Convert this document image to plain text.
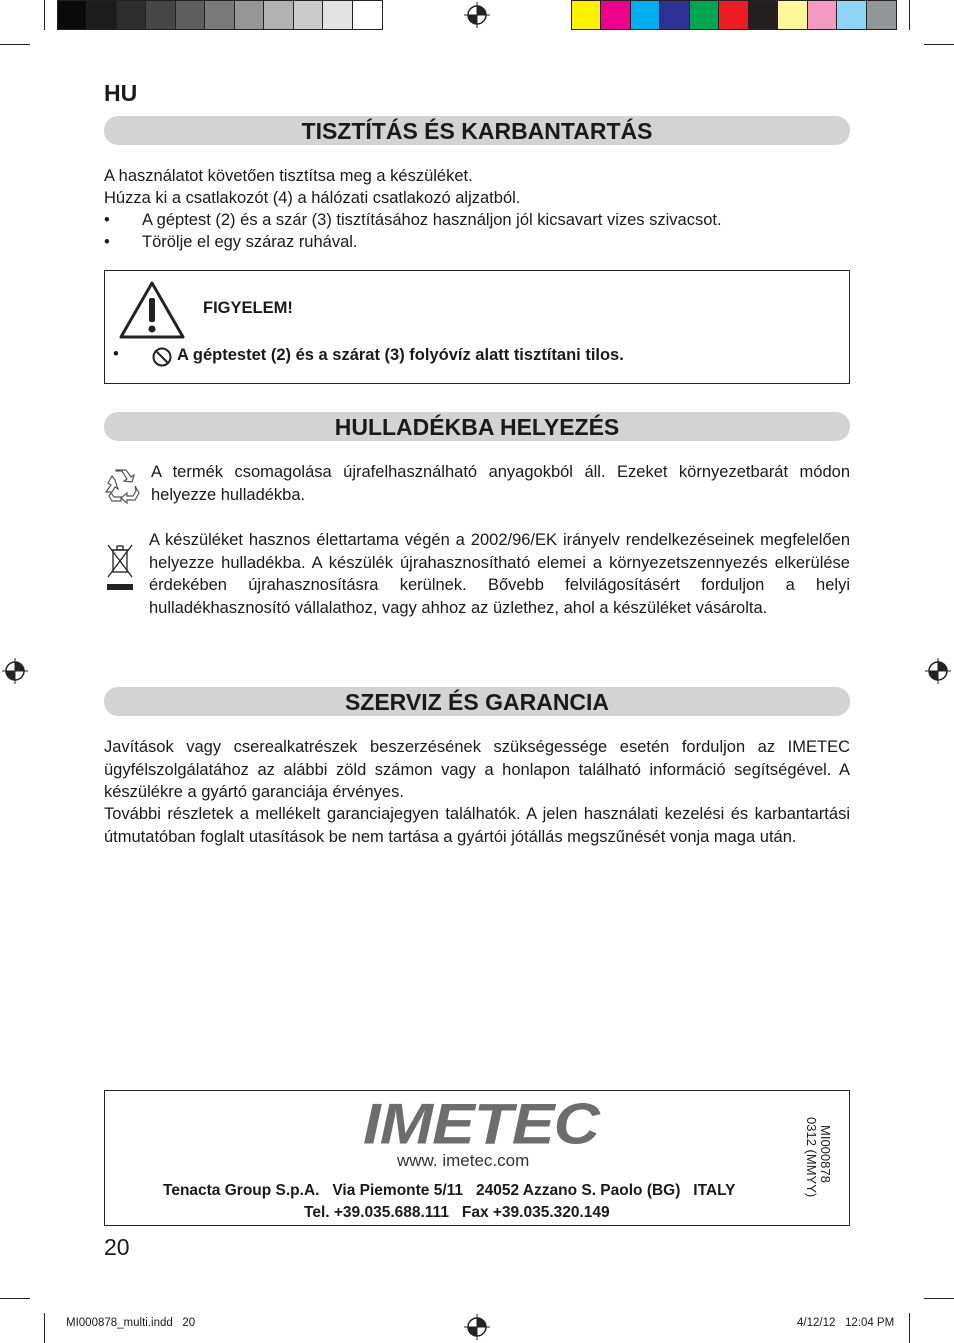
HU
TISZTÍTÁS ÉS KARBANTARTÁS
A használatot követően tisztítsa meg a készüléket.
Húzza ki a csatlakozót (4) a hálózati csatlakozó aljzatból.
• A géptest (2) és a szár (3) tisztításához használjon jól kicsavart vizes szivacsot.
• Törölje el egy száraz ruhával.
FIGYELEM!
•	A géptestet (2) és a szárat (3) folyóvíz alatt tisztítani tilos.
HULLADÉKBA HELYEZÉS
A termék csomagolása újrafelhasználható anyagokból áll. Ezeket környezetbarát módon helyezze hulladékba.
A készüléket hasznos élettartama végén a 2002/96/EK irányelv rendelkezéseinek megfelelően helyezze hulladékba. A készülék újrahasznosítható elemei a környezetszennyezés elkerülése érdekében újrahasznosításra kerülnek. Bővebb felvilágosításért forduljon a helyi hulladékhasznosító vállalathoz, vagy ahhoz az üzlethez, ahol a készüléket vásárolta.
SZERVIZ ÉS GARANCIA
Javítások vagy cserealkatrészek beszerzésének szükségessége esetén forduljon az IMETEC ügyfélszolgálatához az alábbi zöld számon vagy a honlapon található információ segítségével. A készülékre a gyártó garanciája érvényes.
További részletek a mellékelt garanciajegyen találhatók. A jelen használati kezelési és karbantartási útmutatóban foglalt utasítások be nem tartása a gyártói jótállás megszűnését vonja maga után.
IMETEC
www. imetec.com
Tenacta Group S.p.A.   Via Piemonte 5/11   24052 Azzano S. Paolo (BG)   ITALY
Tel. +39.035.688.111   Fax +39.035.320.149
MI000878
0312 (MMYY)
20
MI000878_multi.indd   20	4/12/12   12:04 PM
